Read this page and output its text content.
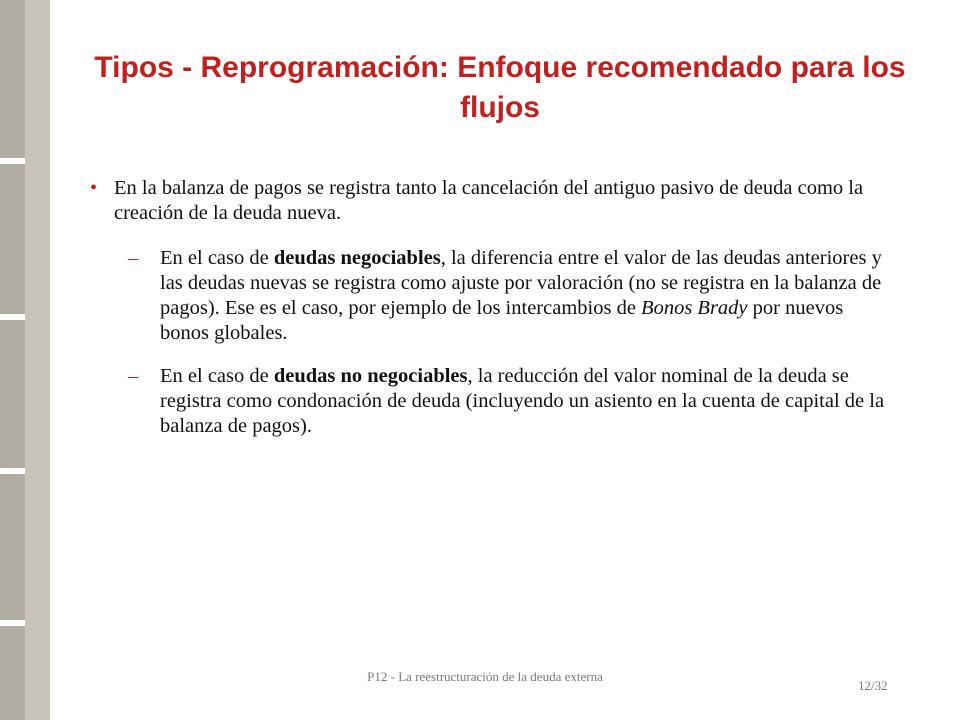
Tipos - Reprogramación: Enfoque recomendado para los flujos
• En la balanza de pagos se registra tanto la cancelación del antiguo pasivo de deuda como la creación de la deuda nueva.
– En el caso de deudas negociables, la diferencia entre el valor de las deudas anteriores y las deudas nuevas se registra como ajuste por valoración (no se registra en la balanza de pagos). Ese es el caso, por ejemplo de los intercambios de Bonos Brady por nuevos bonos globales.
– En el caso de deudas no negociables, la reducción del valor nominal de la deuda se registra como condonación de deuda (incluyendo un asiento en la cuenta de capital de la balanza de pagos).
P12 - La reestructuración de la deuda externa
12/32
